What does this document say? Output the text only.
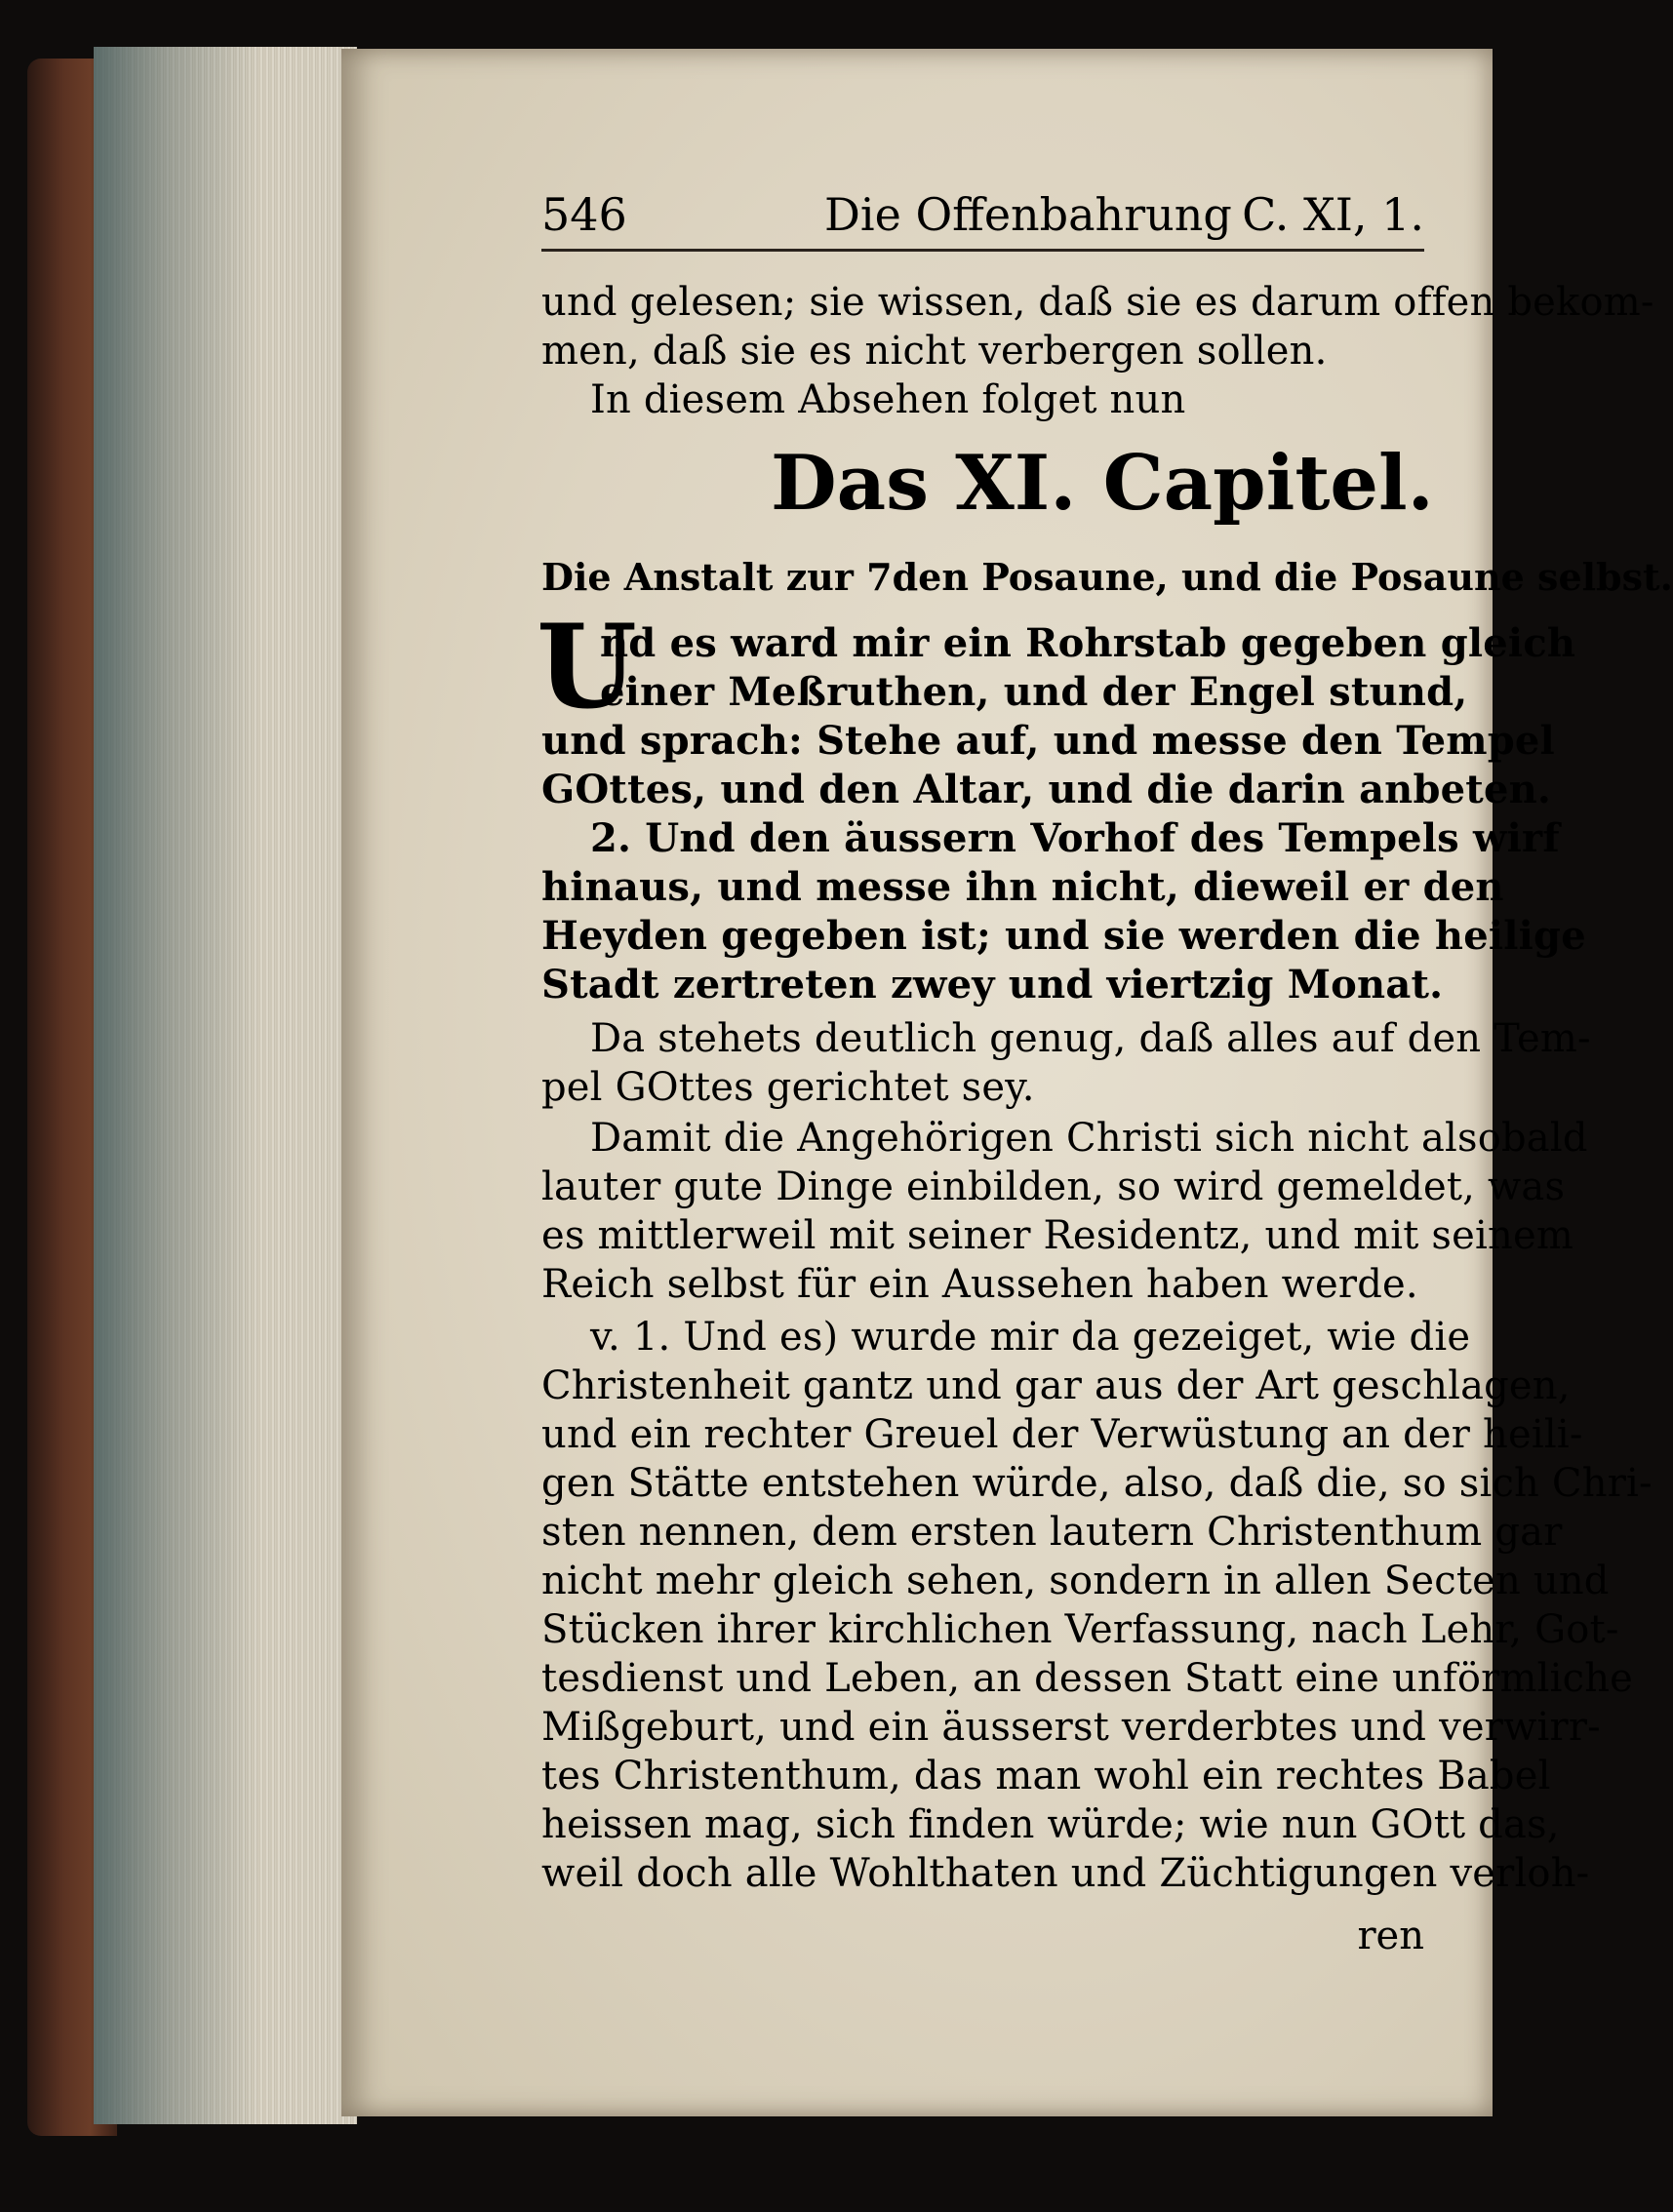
546	Die Offenbahrung C. XI, 1.
und gelesen; sie wissen, daß sie es darum offen bekom-
men, daß sie es nicht verbergen sollen.
In diesem Absehen folget nun
Das XI. Capitel.
Die Anstalt zur 7den Posaune, und die Posaune selbst.
U
nd es ward mir ein Rohrstab gegeben gleich
einer Meßruthen, und der Engel stund,
und sprach: Stehe auf, und messe den Tempel
GOttes, und den Altar, und die darin anbeten.
2. Und den äussern Vorhof des Tempels wirf
hinaus, und messe ihn nicht, dieweil er den
Heyden gegeben ist; und sie werden die heilige
Stadt zertreten zwey und viertzig Monat.
Da stehets deutlich genug, daß alles auf den Tem-
pel GOttes gerichtet sey.
Damit die Angehörigen Christi sich nicht alsobald
lauter gute Dinge einbilden, so wird gemeldet, was
es mittlerweil mit seiner Residentz, und mit seinem
Reich selbst für ein Aussehen haben werde.
v. 1. Und es) wurde mir da gezeiget, wie die
Christenheit gantz und gar aus der Art geschlagen,
und ein rechter Greuel der Verwüstung an der heili-
gen Stätte entstehen würde, also, daß die, so sich Chri-
sten nennen, dem ersten lautern Christenthum gar
nicht mehr gleich sehen, sondern in allen Secten und
Stücken ihrer kirchlichen Verfassung, nach Lehr, Got-
tesdienst und Leben, an dessen Statt eine unförmliche
Mißgeburt, und ein äusserst verderbtes und verwirr-
tes Christenthum, das man wohl ein rechtes Babel
heissen mag, sich finden würde; wie nun GOtt das,
weil doch alle Wohlthaten und Züchtigungen verloh-
ren
